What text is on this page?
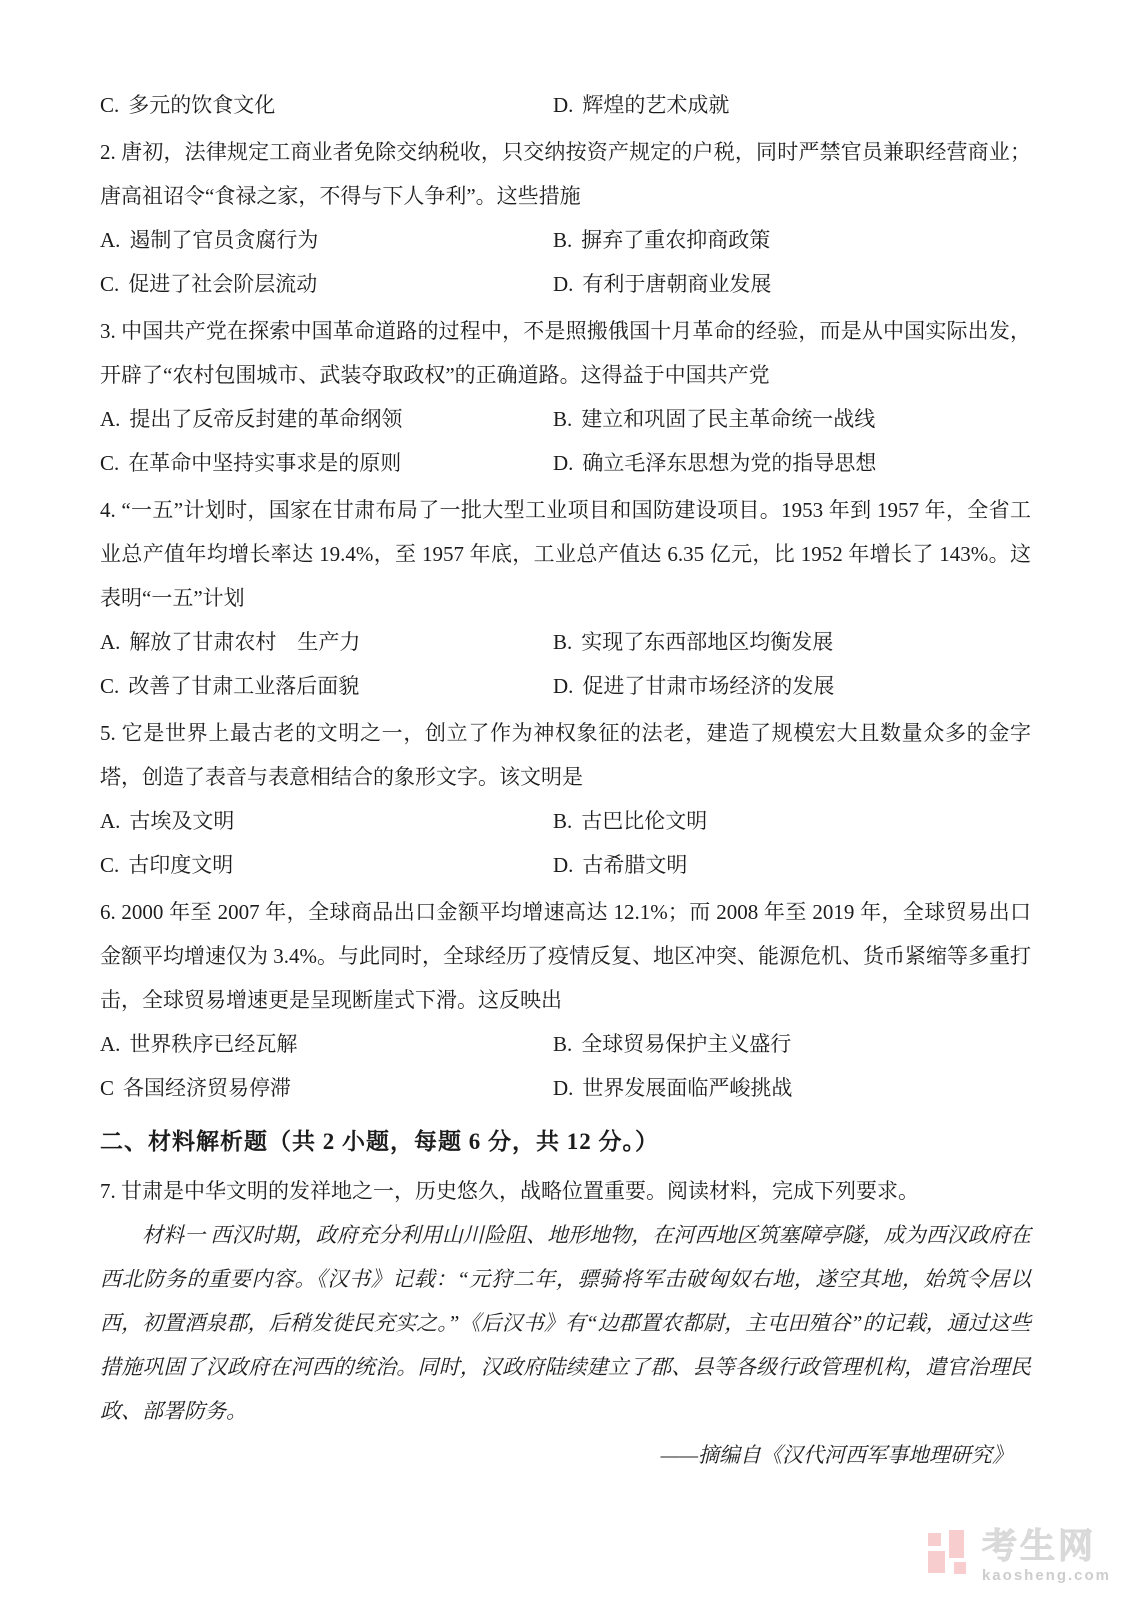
C. 多元的饮食文化	D. 辉煌的艺术成就

2. 唐初，法律规定工商业者免除交纳税收，只交纳按资产规定的户税，同时严禁官员兼职经营商业；唐高祖诏令“食禄之家，不得与下人争利”。这些措施

A. 遏制了官员贪腐行为	B. 摒弃了重农抑商政策
C. 促进了社会阶层流动	D. 有利于唐朝商业发展

3. 中国共产党在探索中国革命道路的过程中，不是照搬俄国十月革命的经验，而是从中国实际出发，开辟了“农村包围城市、武装夺取政权”的正确道路。这得益于中国共产党

A. 提出了反帝反封建的革命纲领	B. 建立和巩固了民主革命统一战线
C. 在革命中坚持实事求是的原则	D. 确立毛泽东思想为党的指导思想

4. “一五”计划时，国家在甘肃布局了一批大型工业项目和国防建设项目。1953 年到 1957 年，全省工业总产值年均增长率达 19.4%，至 1957 年底，工业总产值达 6.35 亿元，比 1952 年增长了 143%。这表明“一五”计划

A. 解放了甘肃农村　生产力	B. 实现了东西部地区均衡发展
C. 改善了甘肃工业落后面貌	D. 促进了甘肃市场经济的发展

5. 它是世界上最古老的文明之一，创立了作为神权象征的法老，建造了规模宏大且数量众多的金字塔，创造了表音与表意相结合的象形文字。该文明是

A. 古埃及文明	B. 古巴比伦文明
C. 古印度文明	D. 古希腊文明

6. 2000 年至 2007 年，全球商品出口金额平均增速高达 12.1%；而 2008 年至 2019 年，全球贸易出口金额平均增速仅为 3.4%。与此同时，全球经历了疫情反复、地区冲突、能源危机、货币紧缩等多重打击，全球贸易增速更是呈现断崖式下滑。这反映出

A. 世界秩序已经瓦解	B. 全球贸易保护主义盛行
C 各国经济贸易停滞	D. 世界发展面临严峻挑战
二、材料解析题（共 2 小题，每题 6 分，共 12 分。）

7. 甘肃是中华文明的发祥地之一，历史悠久，战略位置重要。阅读材料，完成下列要求。

材料一 西汉时期，政府充分利用山川险阻、地形地物，在河西地区筑塞障亭隧，成为西汉政府在西北防务的重要内容。《汉书》记载：“元狩二年，骠骑将军击破匈奴右地，遂空其地，始筑令居以西，初置酒泉郡，后稍发徙民充实之。”《后汉书》有“边郡置农都尉，主屯田殖谷”的记载，通过这些措施巩固了汉政府在河西的统治。同时，汉政府陆续建立了郡、县等各级行政管理机构，遣官治理民政、部署防务。

——摘编自《汉代河西军事地理研究》

考生网
kaosheng.com
